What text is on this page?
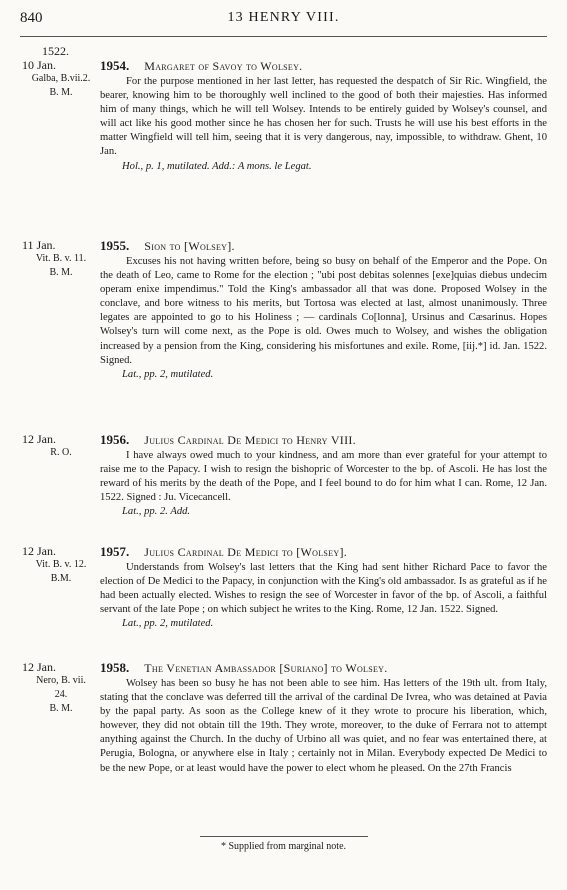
840	13 HENRY VIII.
1522.
10 Jan.
Galba, B.vii.2.
B. M.
1954. Margaret of Savoy to Wolsey.
For the purpose mentioned in her last letter, has requested the despatch of Sir Ric. Wingfield, the bearer, knowing him to be thoroughly well inclined to the good of both their majesties. Has informed him of many things, which he will tell Wolsey. Intends to be entirely guided by Wolsey's counsel, and will act like his good mother since he has chosen her for such. Trusts he will use his best efforts in the matter Wingfield will tell him, seeing that it is very dangerous, nay, impossible, to withdraw. Ghent, 10 Jan.
Hol., p. 1, mutilated. Add.: A mons. le Legat.
11 Jan.
Vit. B. v. 11.
B. M.
1955. Sion to [Wolsey].
Excuses his not having written before, being so busy on behalf of the Emperor and the Pope. On the death of Leo, came to Rome for the election ; "ubi post debitas solennes [exe]quias diebus undecim operam enixe impendimus." Told the King's ambassador all that was done. Proposed Wolsey in the conclave, and bore witness to his merits, but Tortosa was elected at last, almost unanimously. Three legates are appointed to go to his Holiness ; — cardinals Co[lonna], Ursinus and Cæsarinus. Hopes Wolsey's turn will come next, as the Pope is old. Owes much to Wolsey, and wishes the obligation increased by a pension from the King, considering his misfortunes and exile. Rome, [iij.*] id. Jan. 1522. Signed.
Lat., pp. 2, mutilated.
12 Jan.
R. O.
1956. Julius Cardinal De Medici to Henry VIII.
I have always owed much to your kindness, and am more than ever grateful for your attempt to raise me to the Papacy. I wish to resign the bishopric of Worcester to the bp. of Ascoli. He has lost the reward of his merits by the death of the Pope, and I feel bound to do for him what I can. Rome, 12 Jan. 1522. Signed : Ju. Vicecancell.
Lat., pp. 2. Add.
12 Jan.
Vit. B. v. 12.
B.M.
1957. Julius Cardinal De Medici to [Wolsey].
Understands from Wolsey's last letters that the King had sent hither Richard Pace to favor the election of De Medici to the Papacy, in conjunction with the King's old ambassador. Is as grateful as if he had been actually elected. Wishes to resign the see of Worcester in favor of the bp. of Ascoli, a faithful servant of the late Pope ; on which subject he writes to the King. Rome, 12 Jan. 1522. Signed.
Lat., pp. 2, mutilated.
12 Jan.
Nero, B. vii.
24.
B. M.
1958. The Venetian Ambassador [Suriano] to Wolsey.
Wolsey has been so busy he has not been able to see him. Has letters of the 19th ult. from Italy, stating that the conclave was deferred till the arrival of the cardinal De Ivrea, who was detained at Pavia by the papal party. As soon as the College knew of it they wrote to procure his liberation, which, however, they did not obtain till the 19th. They wrote, moreover, to the duke of Ferrara not to attempt anything against the Church. In the duchy of Urbino all was quiet, and no fear was entertained there, at Perugia, Bologna, or anywhere else in Italy ; certainly not in Milan. Everybody expected De Medici to be the new Pope, or at least would have the power to elect whom he pleased. On the 27th Francis
* Supplied from marginal note.
